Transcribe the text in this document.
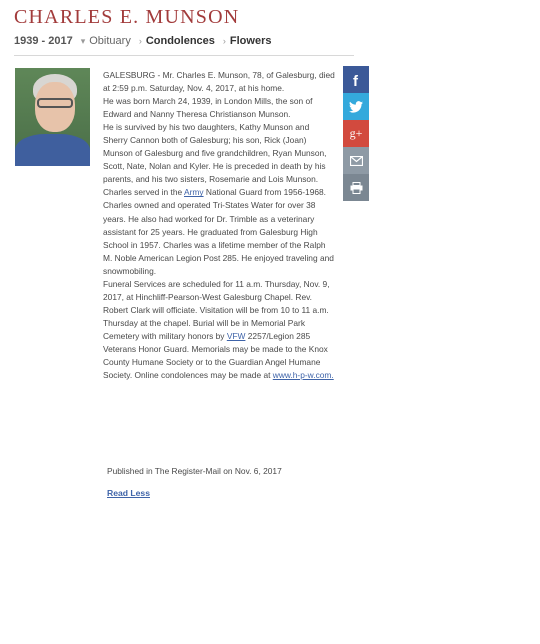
CHARLES E. MUNSON
1939 - 2017 ▾ Obituary › Condolences › Flowers

GALESBURG - Mr. Charles E. Munson, 78, of Galesburg, died at 2:59 p.m. Saturday, Nov. 4, 2017, at his home.

He was born March 24, 1939, in London Mills, the son of Edward and Nanny Theresa Christianson Munson.

He is survived by his two daughters, Kathy Munson and Sherry Cannon both of Galesburg; his son, Rick (Joan) Munson of Galesburg and five grandchildren, Ryan Munson, Scott, Nate, Nolan and Kyler. He is preceded in death by his parents, and his two sisters, Rosemarie and Lois Munson.

Charles served in the Army National Guard from 1956-1968.

Charles owned and operated Tri-States Water for over 38 years. He also had worked for Dr. Trimble as a veterinary assistant for 25 years. He graduated from Galesburg High School in 1957. Charles was a lifetime member of the Ralph M. Noble American Legion Post 285. He enjoyed traveling and snowmobiling.

Funeral Services are scheduled for 11 a.m. Thursday, Nov. 9, 2017, at Hinchliff-Pearson-West Galesburg Chapel. Rev. Robert Clark will officiate. Visitation will be from 10 to 11 a.m. Thursday at the chapel. Burial will be in Memorial Park Cemetery with military honors by VFW 2257/Legion 285 Veterans Honor Guard. Memorials may be made to the Knox County Humane Society or to the Guardian Angel Humane Society. Online condolences may be made at www.h-p-w.com.

Published in The Register-Mail on Nov. 6, 2017
Read Less
f
g+
